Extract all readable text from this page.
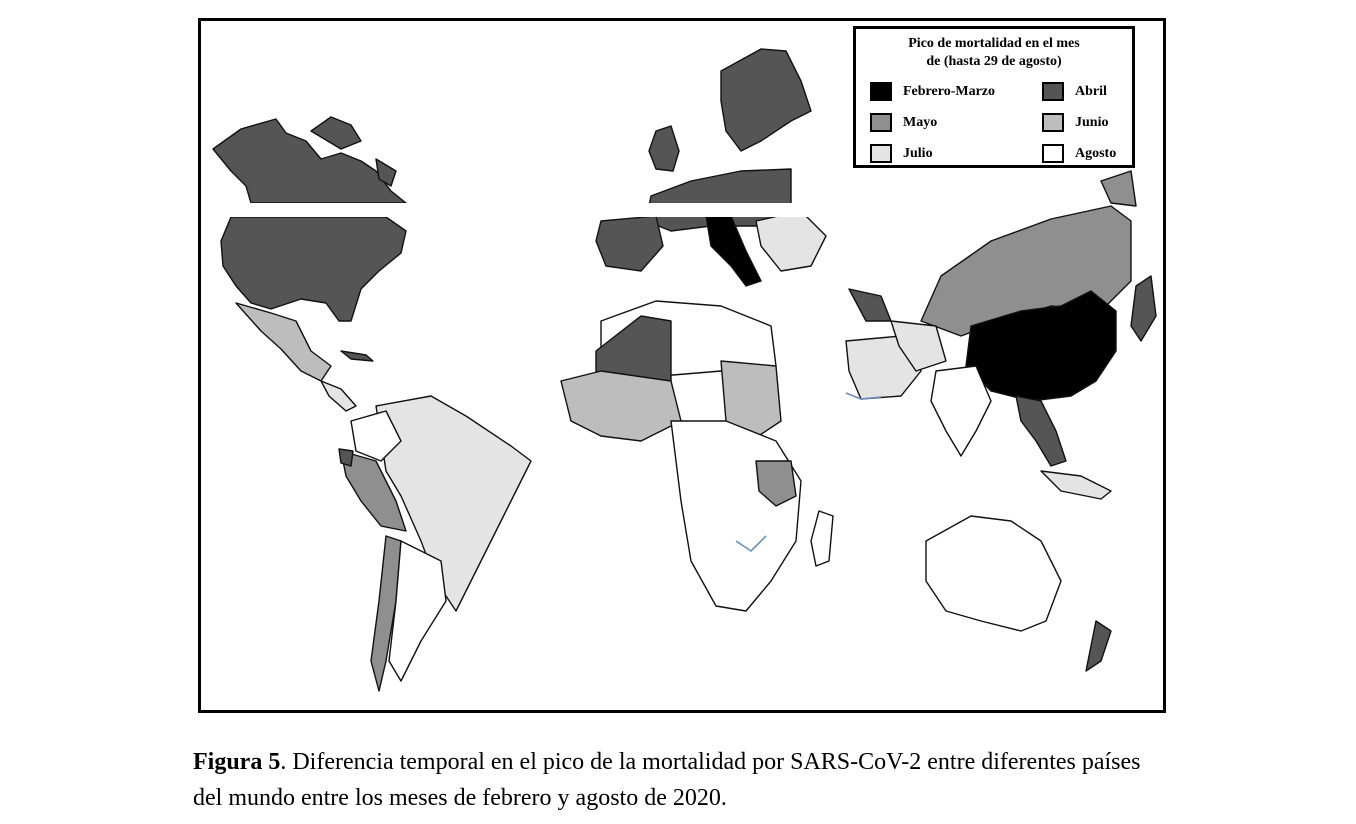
Pico de mortalidad en el mes
de (hasta 29 de agosto)
Febrero-Marzo	Abril
Mayo	Junio
Julio	Agosto
Figura 5. Diferencia temporal en el pico de la mortalidad por SARS-CoV-2 entre diferentes países del mundo entre los meses de febrero y agosto de 2020.
